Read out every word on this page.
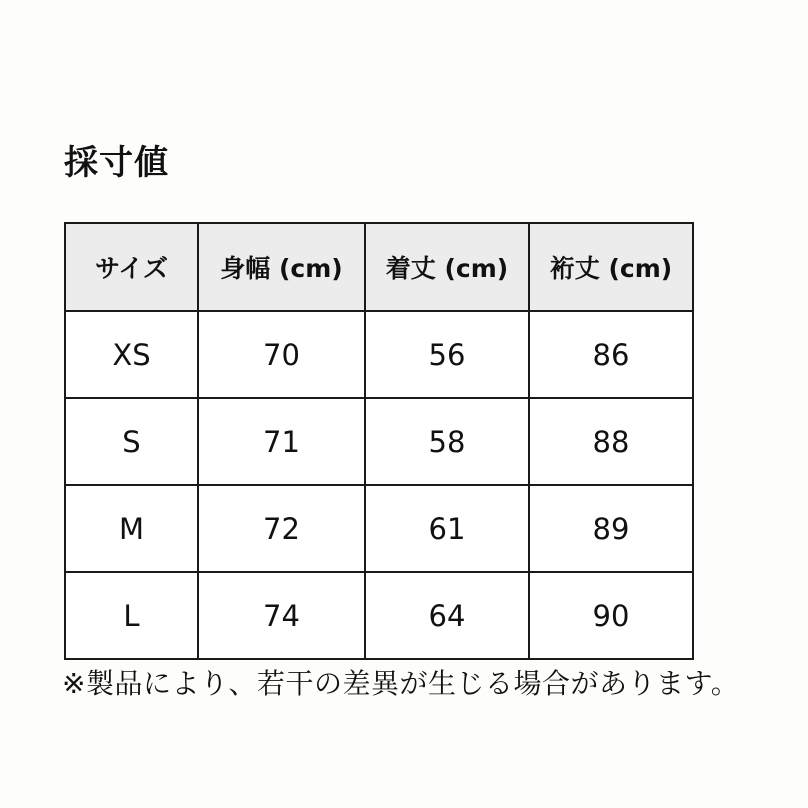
採寸値
サイズ	身幅 (cm)	着丈 (cm)	裄丈 (cm)
XS	70	56	86
S	71	58	88
M	72	61	89
L	74	64	90
※製品により、若干の差異が生じる場合があります。
